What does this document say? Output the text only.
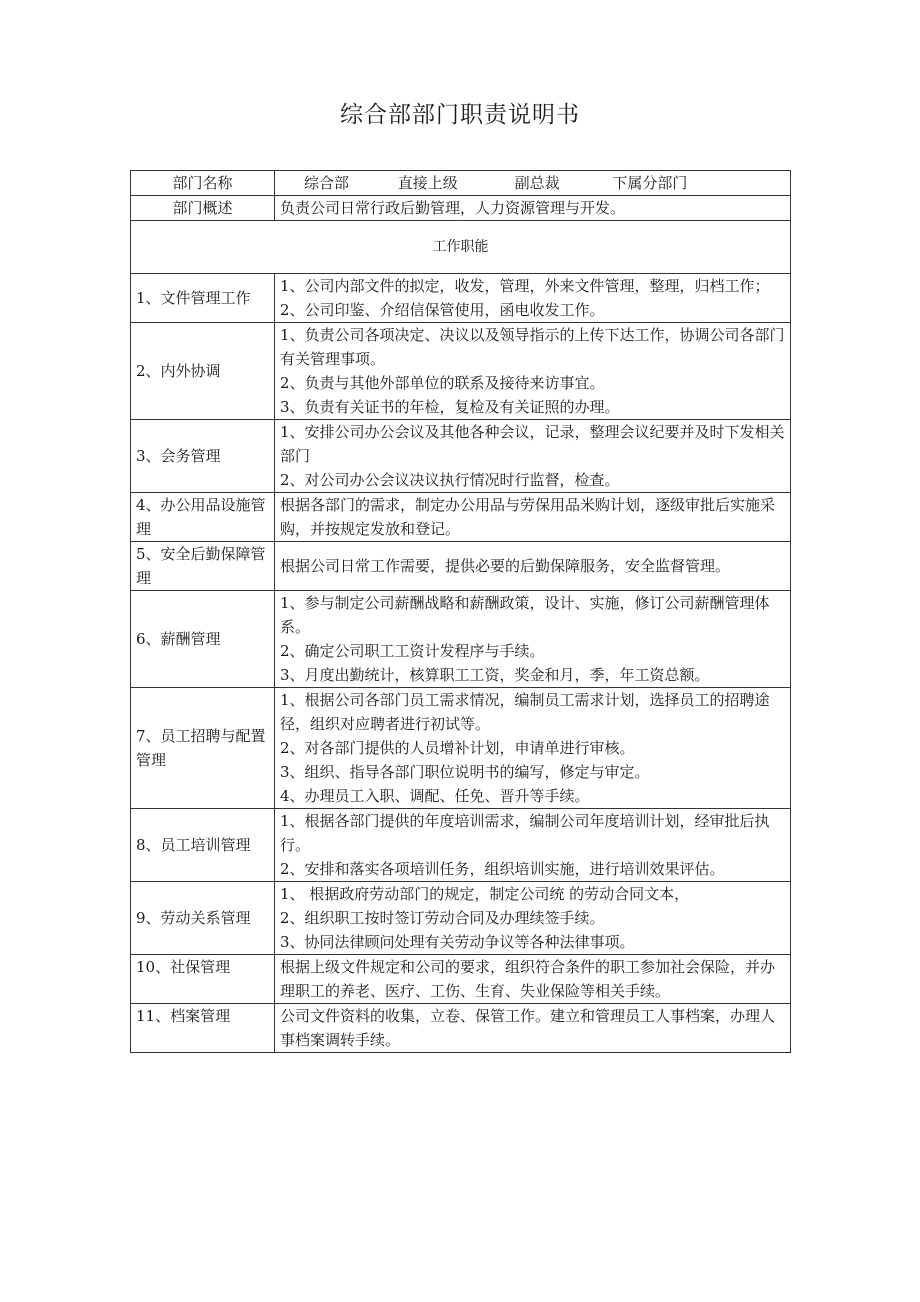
综合部部门职责说明书
部门名称	综合部 直接上级 副总裁 下属分部门
部门概述	负责公司日常行政后勤管理，人力资源管理与开发。
工作职能	
1、文件管理工作	1、公司内部文件的拟定，收发，管理，外来文件管理，整理，归档工作；
2、公司印鉴、介绍信保管使用，函电收发工作。

2、内外协调	1、负责公司各项决定、决议以及领导指示的上传下达工作，协调公司各部门有关管理事项。
2、负责与其他外部单位的联系及接待来访事宜。
3、负责有关证书的年检，复检及有关证照的办理。

3、会务管理	1、安排公司办公会议及其他各种会议，记录，整理会议纪要并及时下发相关部门
2、对公司办公会议决议执行情况时行监督，检查。

4、办公用品设施管理	根据各部门的需求，制定办公用品与劳保用品米购计划，逐级审批后实施采购，并按规定发放和登记。

5、安全后勤保障管理	根据公司日常工作需要，提供必要的后勤保障服务，安全监督管理。

6、薪酬管理	1、参与制定公司薪酬战略和薪酬政策，设计、实施，修订公司薪酬管理体系。
2、确定公司职工工资计发程序与手续。
3、月度出勤统计，核算职工工资，奖金和月，季，年工资总额。

7、员工招聘与配置管理	1、根据公司各部门员工需求情况，编制员工需求计划，选择员工的招聘途径，组织对应聘者进行初试等。
2、对各部门提供的人员增补计划，申请单进行审核。
3、组织、指导各部门职位说明书的编写，修定与审定。
4、办理员工入职、调配、任免、晋升等手续。

8、员工培训管理	1、根据各部门提供的年度培训需求，编制公司年度培训计划，经审批后执行。
2、安排和落实各项培训任务，组织培训实施，进行培训效果评估。

9、劳动关系管理	1、 根据政府劳动部门的规定，制定公司统 的劳动合同文本，
2、组织职工按时签订劳动合同及办理续签手续。
3、协同法律顾问处理有关劳动争议等各种法律事项。

10、社保管理	根据上级文件规定和公司的要求，组织符合条件的职工参加社会保险，并办理职工的养老、医疗、工伤、生育、失业保险等相关手续。

11、档案管理	公司文件资料的收集，立卷、保管工作。建立和管理员工人事档案，办理人事档案调转手续。
